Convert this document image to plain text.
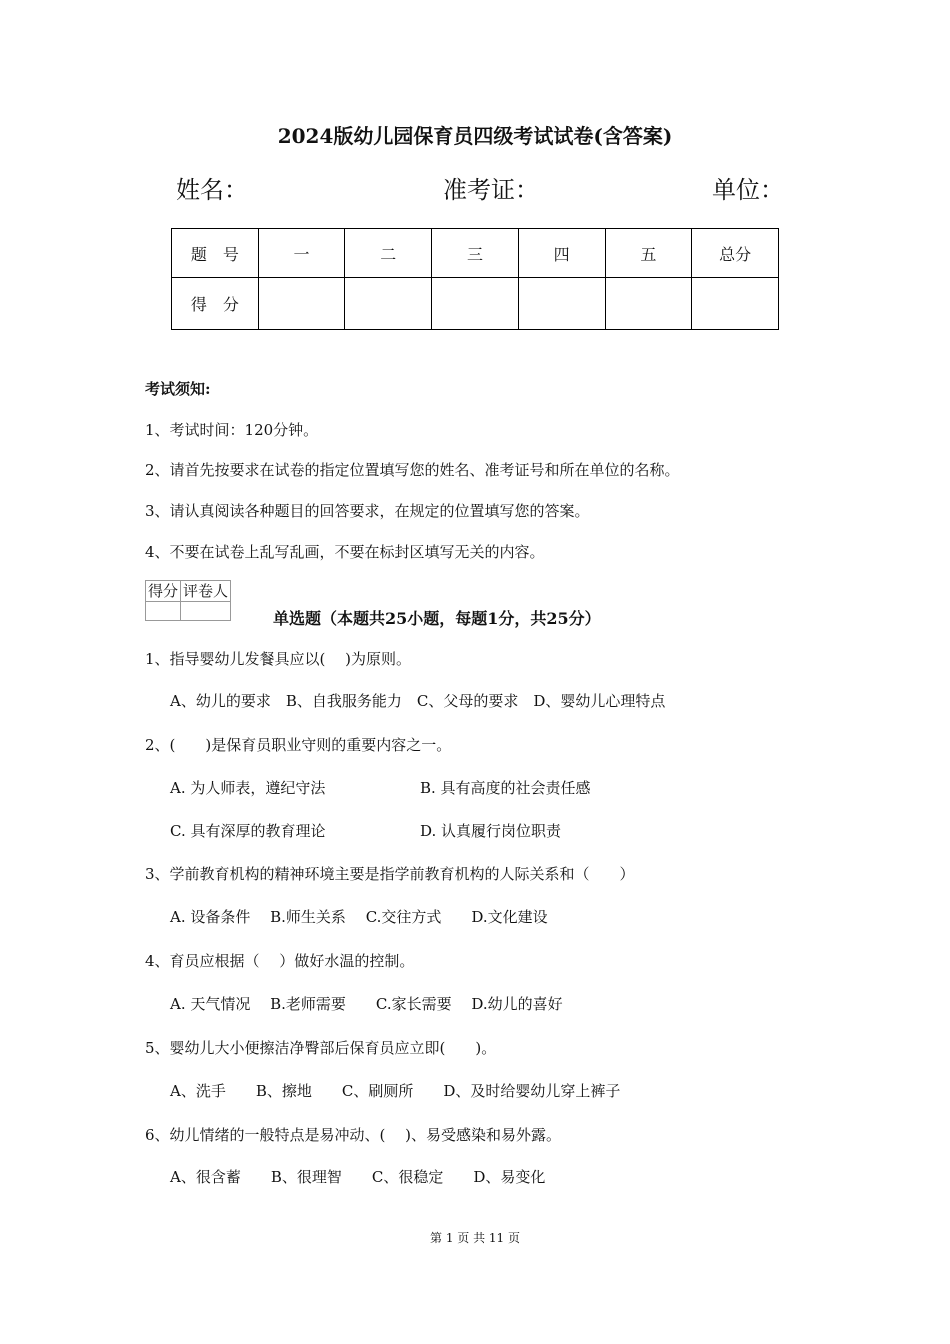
2024版幼儿园保育员四级考试试卷(含答案)
姓名：	准考证：	单位：
题　号	一	二	三	四	五	总分
得　分						
考试须知:
1、考试时间：120分钟。
2、请首先按要求在试卷的指定位置填写您的姓名、准考证号和所在单位的名称。
3、请认真阅读各种题目的回答要求，在规定的位置填写您的答案。
4、不要在试卷上乱写乱画，不要在标封区填写无关的内容。
得分	评卷人

单选题（本题共25小题，每题1分，共25分）
1、指导婴幼儿发餐具应以(　 )为原则。
A、幼儿的要求　B、自我服务能力　C、父母的要求　D、婴幼儿心理特点
2、(　　)是保育员职业守则的重要内容之一。
A. 为人师表，遵纪守法	B. 具有高度的社会责任感
C. 具有深厚的教育理论	D. 认真履行岗位职责
3、学前教育机构的精神环境主要是指学前教育机构的人际关系和（　　）
A. 设备条件　 B.师生关系　 C.交往方式　　D.文化建设
4、育员应根据（　 ）做好水温的控制。
A. 天气情况　 B.老师需要　　C.家长需要　 D.幼儿的喜好
5、婴幼儿大小便擦洁净臀部后保育员应立即(　　)。
A、洗手　　B、擦地　　C、刷厕所　　D、及时给婴幼儿穿上裤子
6、幼儿情绪的一般特点是易冲动、(　 )、易受感染和易外露。
A、很含蓄　　B、很理智　　C、很稳定　　D、易变化
第 1 页 共 11 页
